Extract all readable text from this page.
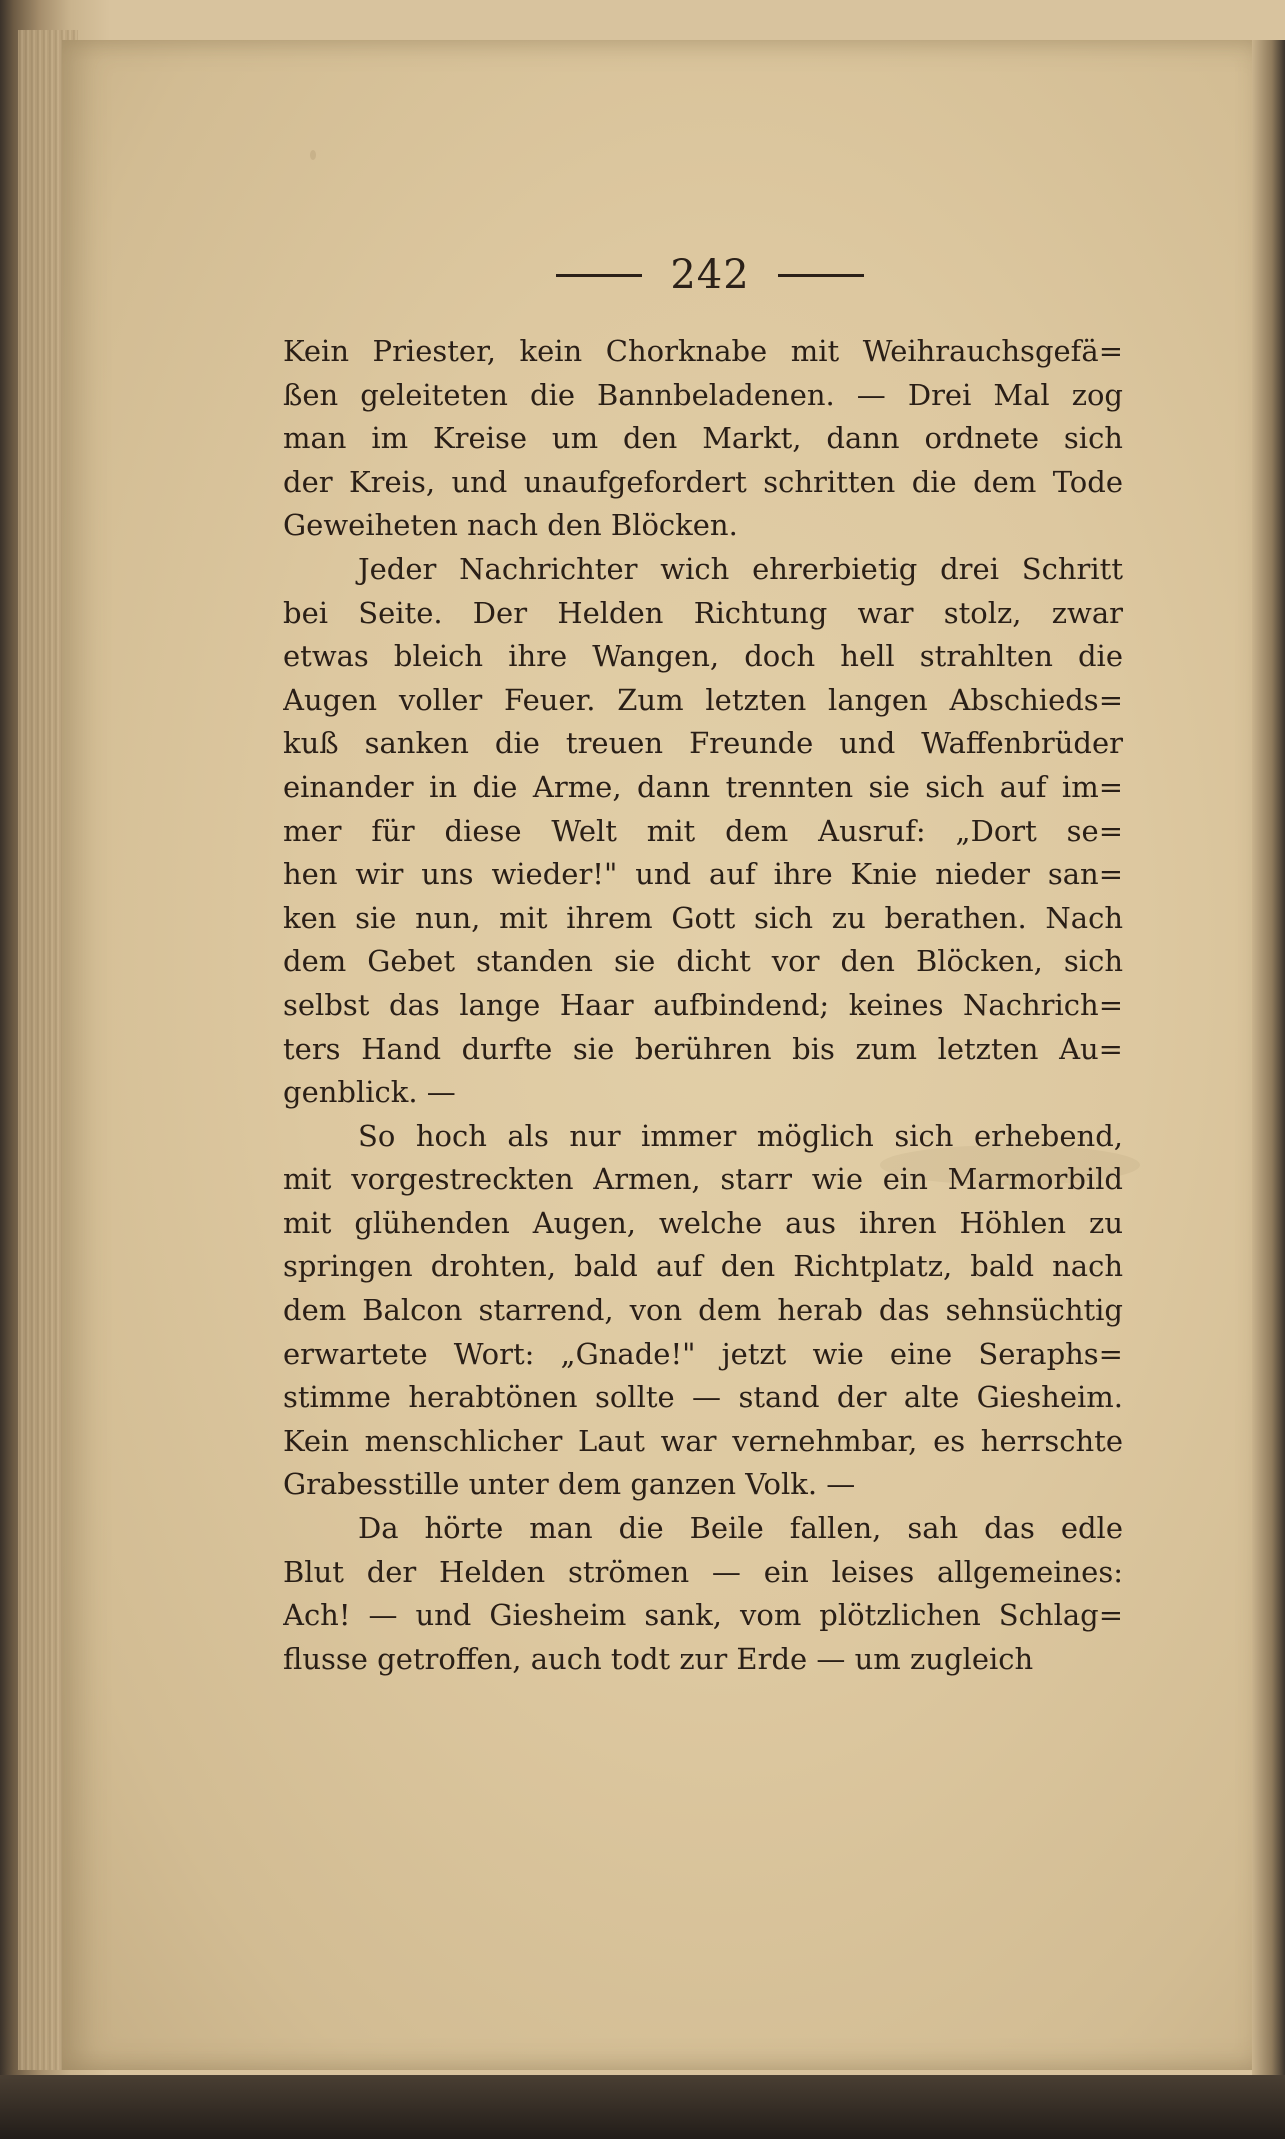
242
Kein Priester, kein Chorknabe mit Weihrauchsgefä=
ßen geleiteten die Bannbeladenen. — Drei Mal zog
man im Kreise um den Markt, dann ordnete sich
der Kreis, und unaufgefordert schritten die dem Tode
Geweiheten nach den Blöcken.
Jeder Nachrichter wich ehrerbietig drei Schritt
bei Seite. Der Helden Richtung war stolz, zwar
etwas bleich ihre Wangen, doch hell strahlten die
Augen voller Feuer. Zum letzten langen Abschieds=
kuß sanken die treuen Freunde und Waffenbrüder
einander in die Arme, dann trennten sie sich auf im=
mer für diese Welt mit dem Ausruf: „Dort se=
hen wir uns wieder!" und auf ihre Knie nieder san=
ken sie nun, mit ihrem Gott sich zu berathen. Nach
dem Gebet standen sie dicht vor den Blöcken, sich
selbst das lange Haar aufbindend; keines Nachrich=
ters Hand durfte sie berühren bis zum letzten Au=
genblick. —
So hoch als nur immer möglich sich erhebend,
mit vorgestreckten Armen, starr wie ein Marmorbild
mit glühenden Augen, welche aus ihren Höhlen zu
springen drohten, bald auf den Richtplatz, bald nach
dem Balcon starrend, von dem herab das sehnsüchtig
erwartete Wort: „Gnade!" jetzt wie eine Seraphs=
stimme herabtönen sollte — stand der alte Giesheim.
Kein menschlicher Laut war vernehmbar, es herrschte
Grabesstille unter dem ganzen Volk. —
Da hörte man die Beile fallen, sah das edle
Blut der Helden strömen — ein leises allgemeines:
Ach! — und Giesheim sank, vom plötzlichen Schlag=
flusse getroffen, auch todt zur Erde — um zugleich
